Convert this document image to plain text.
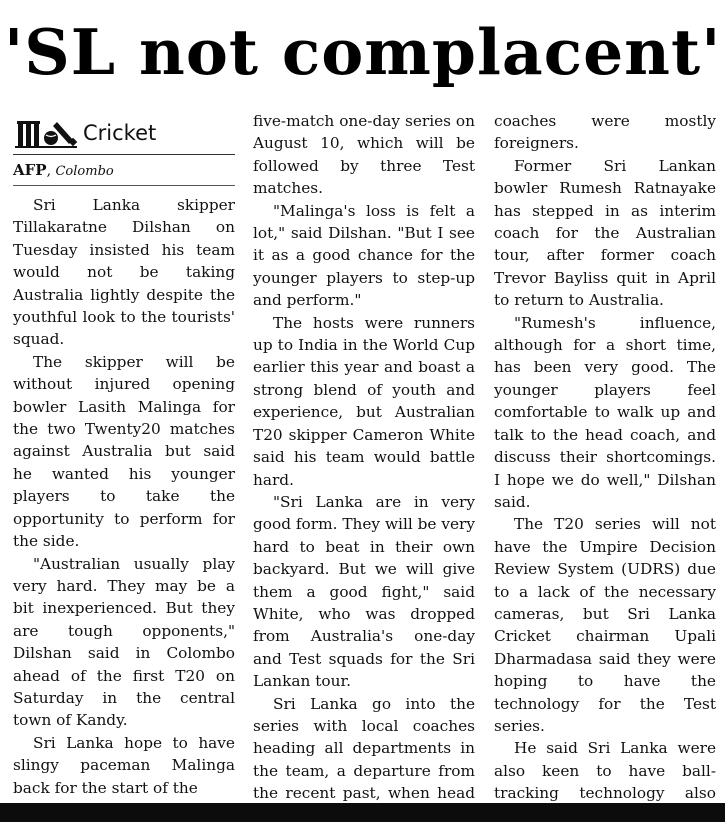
'SL not complacent'
Cricket
AFP, Colombo

Sri Lanka skipper Tillakaratne Dilshan on Tuesday insisted his team would not be taking Australia lightly despite the youthful look to the tourists' squad.

The skipper will be without injured opening bowler Lasith Malinga for the two Twenty20 matches against Australia but said he wanted his younger players to take the opportunity to perform for the side.

"Australian usually play very hard. They may be a bit inexperienced. But they are tough opponents," Dilshan said in Colombo ahead of the first T20 on Saturday in the central town of Kandy.

Sri Lanka hope to have slingy paceman Malinga back for the start of the

five-match one-day series on August 10, which will be followed by three Test matches.

"Malinga's loss is felt a lot," said Dilshan. "But I see it as a good chance for the younger players to step-up and perform."

The hosts were runners up to India in the World Cup earlier this year and boast a strong blend of youth and experience, but Australian T20 skipper Cameron White said his team would battle hard.

"Sri Lanka are in very good form. They will be very hard to beat in their own backyard. But we will give them a good fight," said White, who was dropped from Australia's one-day and Test squads for the Sri Lankan tour.

Sri Lanka go into the series with local coaches heading all departments in the team, a departure from the recent past, when head

coaches were mostly foreigners.

Former Sri Lankan bowler Rumesh Ratnayake has stepped in as interim coach for the Australian tour, after former coach Trevor Bayliss quit in April to return to Australia.

"Rumesh's influence, although for a short time, has been very good. The younger players feel comfortable to walk up and talk to the head coach, and discuss their shortcomings. I hope we do well," Dilshan said.

The T20 series will not have the Umpire Decision Review System (UDRS) due to a lack of the necessary cameras, but Sri Lanka Cricket chairman Upali Dharmadasa said they were hoping to have the technology for the Test series.

He said Sri Lanka were also keen to have ball-tracking technology also
